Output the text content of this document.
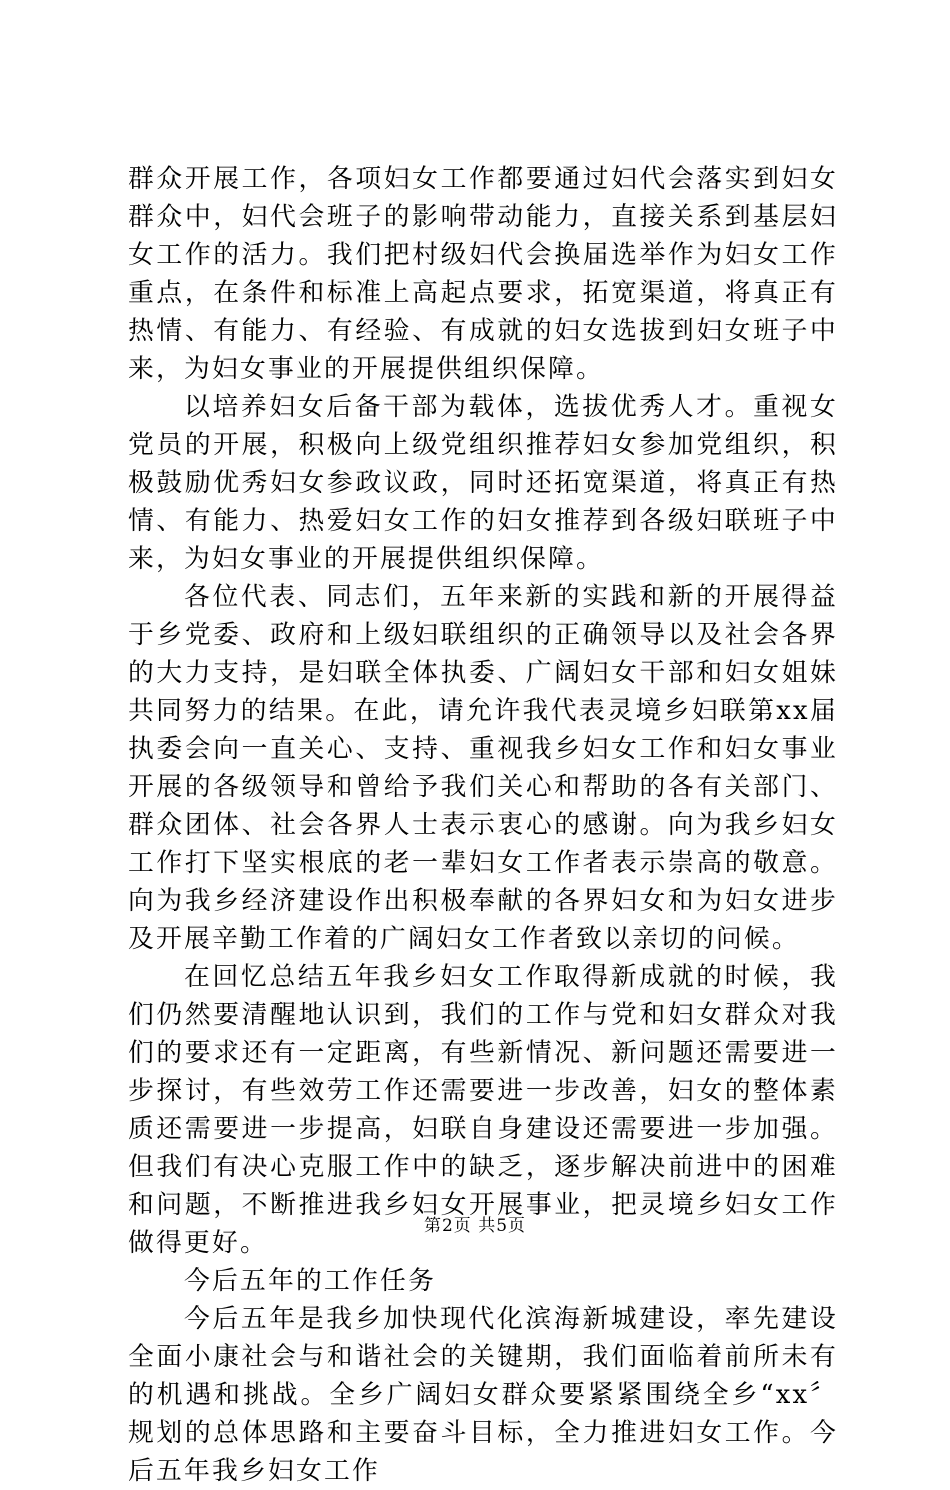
群众开展工作，各项妇女工作都要通过妇代会落实到妇女群众中，妇代会班子的影响带动能力，直接关系到基层妇女工作的活力。我们把村级妇代会换届选举作为妇女工作重点，在条件和标准上高起点要求，拓宽渠道，将真正有热情、有能力、有经验、有成就的妇女选拔到妇女班子中来，为妇女事业的开展提供组织保障。

以培养妇女后备干部为载体，选拔优秀人才。重视女党员的开展，积极向上级党组织推荐妇女参加党组织，积极鼓励优秀妇女参政议政，同时还拓宽渠道，将真正有热情、有能力、热爱妇女工作的妇女推荐到各级妇联班子中来，为妇女事业的开展提供组织保障。

各位代表、同志们，五年来新的实践和新的开展得益于乡党委、政府和上级妇联组织的正确领导以及社会各界的大力支持，是妇联全体执委、广阔妇女干部和妇女姐妹共同努力的结果。在此，请允许我代表灵境乡妇联第xx届执委会向一直关心、支持、重视我乡妇女工作和妇女事业开展的各级领导和曾给予我们关心和帮助的各有关部门、群众团体、社会各界人士表示衷心的感谢。向为我乡妇女工作打下坚实根底的老一辈妇女工作者表示崇高的敬意。向为我乡经济建设作出积极奉献的各界妇女和为妇女进步及开展辛勤工作着的广阔妇女工作者致以亲切的问候。

在回忆总结五年我乡妇女工作取得新成就的时候，我们仍然要清醒地认识到，我们的工作与党和妇女群众对我们的要求还有一定距离，有些新情况、新问题还需要进一步探讨，有些效劳工作还需要进一步改善，妇女的整体素质还需要进一步提高，妇联自身建设还需要进一步加强。但我们有决心克服工作中的缺乏，逐步解决前进中的困难和问题，不断推进我乡妇女开展事业，把灵境乡妇女工作做得更好。

今后五年的工作任务

今后五年是我乡加快现代化滨海新城建设，率先建设全面小康社会与和谐社会的关键期，我们面临着前所未有的机遇和挑战。全乡广阔妇女群众要紧紧围绕全乡“xx〞规划的总体思路和主要奋斗目标，全力推进妇女工作。今后五年我乡妇女工作

第2页 共5页
